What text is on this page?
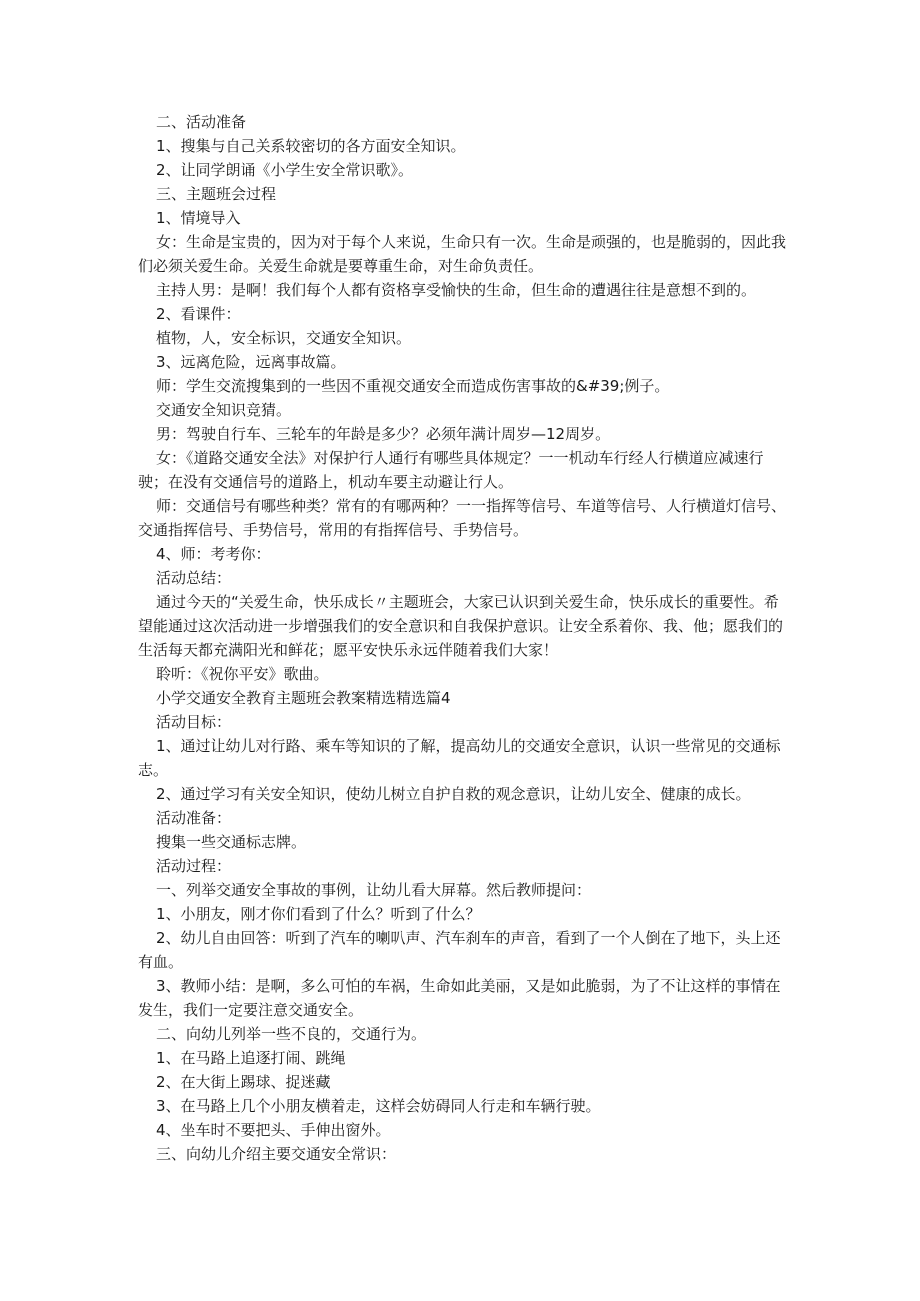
二、活动准备

1、搜集与自己关系较密切的各方面安全知识。

2、让同学朗诵《小学生安全常识歌》。

三、主题班会过程

1、情境导入

女：生命是宝贵的，因为对于每个人来说，生命只有一次。生命是顽强的，也是脆弱的，因此我们必须关爱生命。关爱生命就是要尊重生命，对生命负责任。

主持人男：是啊！我们每个人都有资格享受愉快的生命，但生命的遭遇往往是意想不到的。

2、看课件：

植物，人，安全标识，交通安全知识。

3、远离危险，远离事故篇。

师：学生交流搜集到的一些因不重视交通安全而造成伤害事故的&#39;例子。

交通安全知识竞猜。

男：驾驶自行车、三轮车的年龄是多少？必须年满计周岁—12周岁。

女：《道路交通安全法》对保护行人通行有哪些具体规定？一一机动车行经人行横道应减速行驶；在没有交通信号的道路上，机动车要主动避让行人。

师：交通信号有哪些种类？常有的有哪两种？一一指挥等信号、车道等信号、人行横道灯信号、交通指挥信号、手势信号，常用的有指挥信号、手势信号。

4、师：考考你：

活动总结：

通过今天的“关爱生命，快乐成长〃主题班会，大家已认识到关爱生命，快乐成长的重要性。希望能通过这次活动进一步增强我们的安全意识和自我保护意识。让安全系着你、我、他；愿我们的生活每天都充满阳光和鲜花；愿平安快乐永远伴随着我们大家！

聆听：《祝你平安》歌曲。

小学交通安全教育主题班会教案精选精选篇4

活动目标：

1、通过让幼儿对行路、乘车等知识的了解，提高幼儿的交通安全意识，认识一些常见的交通标志。

2、通过学习有关安全知识，使幼儿树立自护自救的观念意识，让幼儿安全、健康的成长。

活动准备：

搜集一些交通标志牌。

活动过程：

一、列举交通安全事故的事例，让幼儿看大屏幕。然后教师提问：

1、小朋友，刚才你们看到了什么？听到了什么？

2、幼儿自由回答：听到了汽车的喇叭声、汽车刹车的声音，看到了一个人倒在了地下，头上还有血。

3、教师小结：是啊，多么可怕的车祸，生命如此美丽，又是如此脆弱，为了不让这样的事情在发生，我们一定要注意交通安全。

二、向幼儿列举一些不良的，交通行为。

1、在马路上追逐打闹、跳绳

2、在大街上踢球、捉迷藏

3、在马路上几个小朋友横着走，这样会妨碍同人行走和车辆行驶。

4、坐车时不要把头、手伸出窗外。

三、向幼儿介绍主要交通安全常识：
